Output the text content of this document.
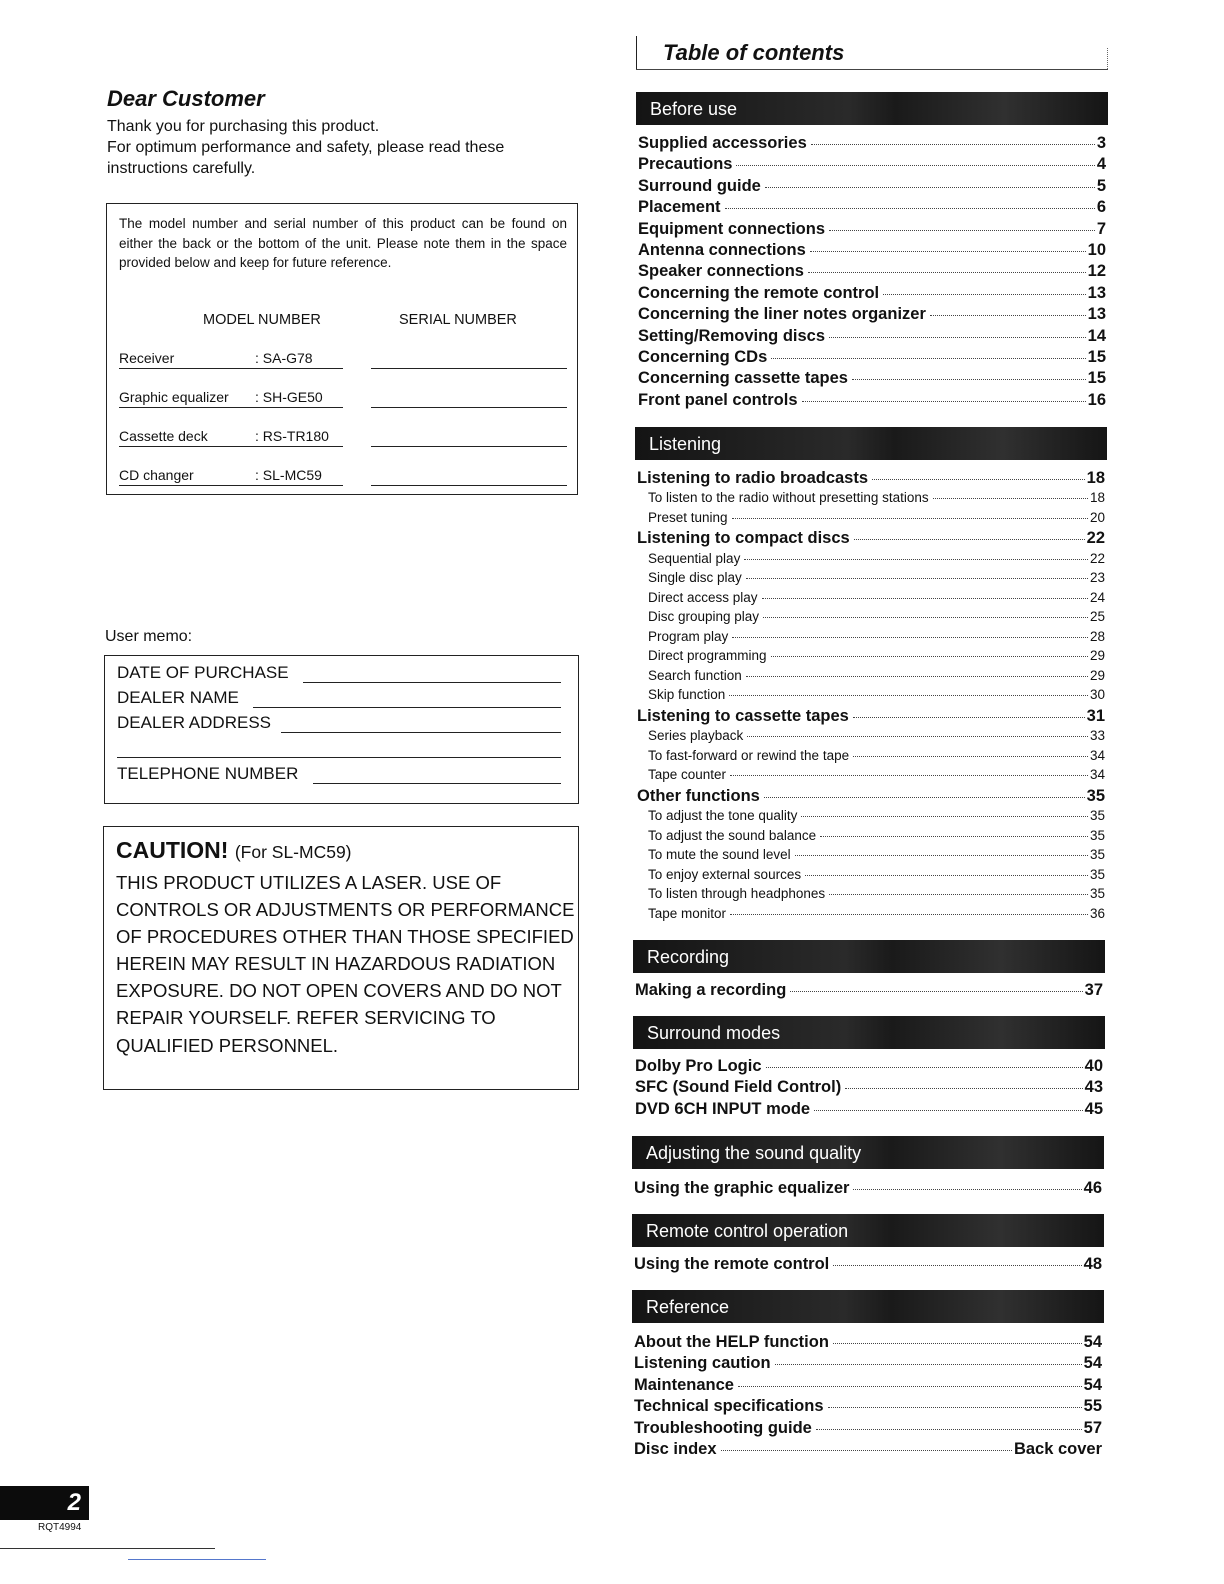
Dear Customer
Thank you for purchasing this product.
For optimum performance and safety, please read these instructions carefully.
The model number and serial number of this product can be found on either the back or the bottom of the unit. Please note them in the space provided below and keep for future reference.
MODEL NUMBER	SERIAL NUMBER
Receiver	: SA-G78
Graphic equalizer : SH-GE50
Cassette deck	: RS-TR180
CD changer	: SL-MC59
User memo:
DATE OF PURCHASE
DEALER NAME
DEALER ADDRESS
TELEPHONE NUMBER
CAUTION! (For SL-MC59)
THIS PRODUCT UTILIZES A LASER. USE OF CONTROLS OR ADJUSTMENTS OR PERFORMANCE OF PROCEDURES OTHER THAN THOSE SPECIFIED HEREIN MAY RESULT IN HAZARDOUS RADIATION EXPOSURE. DO NOT OPEN COVERS AND DO NOT REPAIR YOURSELF. REFER SERVICING TO QUALIFIED PERSONNEL.
2
RQT4994
Table of contents
Before use
Supplied accessories	3
Precautions	4
Surround guide	5
Placement	6
Equipment connections	7
Antenna connections	10
Speaker connections	12
Concerning the remote control	13
Concerning the liner notes organizer	13
Setting/Removing discs	14
Concerning CDs	15
Concerning cassette tapes	15
Front panel controls	16
Listening
Listening to radio broadcasts	18
To listen to the radio without presetting stations	18
Preset tuning	20
Listening to compact discs	22
Sequential play	22
Single disc play	23
Direct access play	24
Disc grouping play	25
Program play	28
Direct programming	29
Search function	29
Skip function	30
Listening to cassette tapes	31
Series playback	33
To fast-forward or rewind the tape	34
Tape counter	34
Other functions	35
To adjust the tone quality	35
To adjust the sound balance	35
To mute the sound level	35
To enjoy external sources	35
To listen through headphones	35
Tape monitor	36
Recording
Making a recording	37
Surround modes
Dolby Pro Logic	40
SFC (Sound Field Control)	43
DVD 6CH INPUT mode	45
Adjusting the sound quality
Using the graphic equalizer	46
Remote control operation
Using the remote control	48
Reference
About the HELP function	54
Listening caution	54
Maintenance	54
Technical specifications	55
Troubleshooting guide	57
Disc index	Back cover
